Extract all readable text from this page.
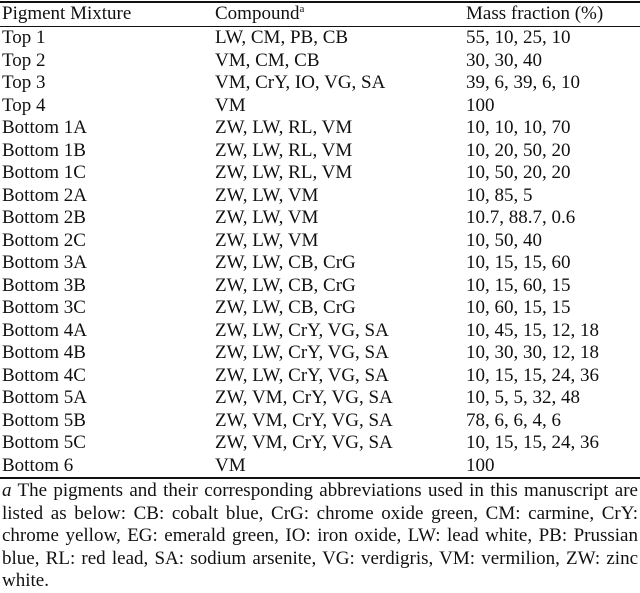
Pigment Mixture	Compound$^a$	Mass fraction (%)
Top 1	LW, CM, PB, CB	55, 10, 25, 10
Top 2	VM, CM, CB	30, 30, 40
Top 3	VM, CrY, IO, VG, SA	39, 6, 39, 6, 10
Top 4	VM	100
Bottom 1A	ZW, LW, RL, VM	10, 10, 10, 70
Bottom 1B	ZW, LW, RL, VM	10, 20, 50, 20
Bottom 1C	ZW, LW, RL, VM	10, 50, 20, 20
Bottom 2A	ZW, LW, VM	10, 85, 5
Bottom 2B	ZW, LW, VM	10.7, 88.7, 0.6
Bottom 2C	ZW, LW, VM	10, 50, 40
Bottom 3A	ZW, LW, CB, CrG	10, 15, 15, 60
Bottom 3B	ZW, LW, CB, CrG	10, 15, 60, 15
Bottom 3C	ZW, LW, CB, CrG	10, 60, 15, 15
Bottom 4A	ZW, LW, CrY, VG, SA	10, 45, 15, 12, 18
Bottom 4B	ZW, LW, CrY, VG, SA	10, 30, 30, 12, 18
Bottom 4C	ZW, LW, CrY, VG, SA	10, 15, 15, 24, 36
Bottom 5A	ZW, VM, CrY, VG, SA	10, 5, 5, 32, 48
Bottom 5B	ZW, VM, CrY, VG, SA	78, 6, 6, 4, 6
Bottom 5C	ZW, VM, CrY, VG, SA	10, 15, 15, 24, 36
Bottom 6	VM	100
a The pigments and their corresponding abbreviations used in this manuscript are listed as below: CB: cobalt blue, CrG: chrome oxide green, CM: carmine, CrY: chrome yellow, EG: emerald green, IO: iron oxide, LW: lead white, PB: Prussian blue, RL: red lead, SA: sodium arsenite, VG: verdigris, VM: vermilion, ZW: zinc white.
